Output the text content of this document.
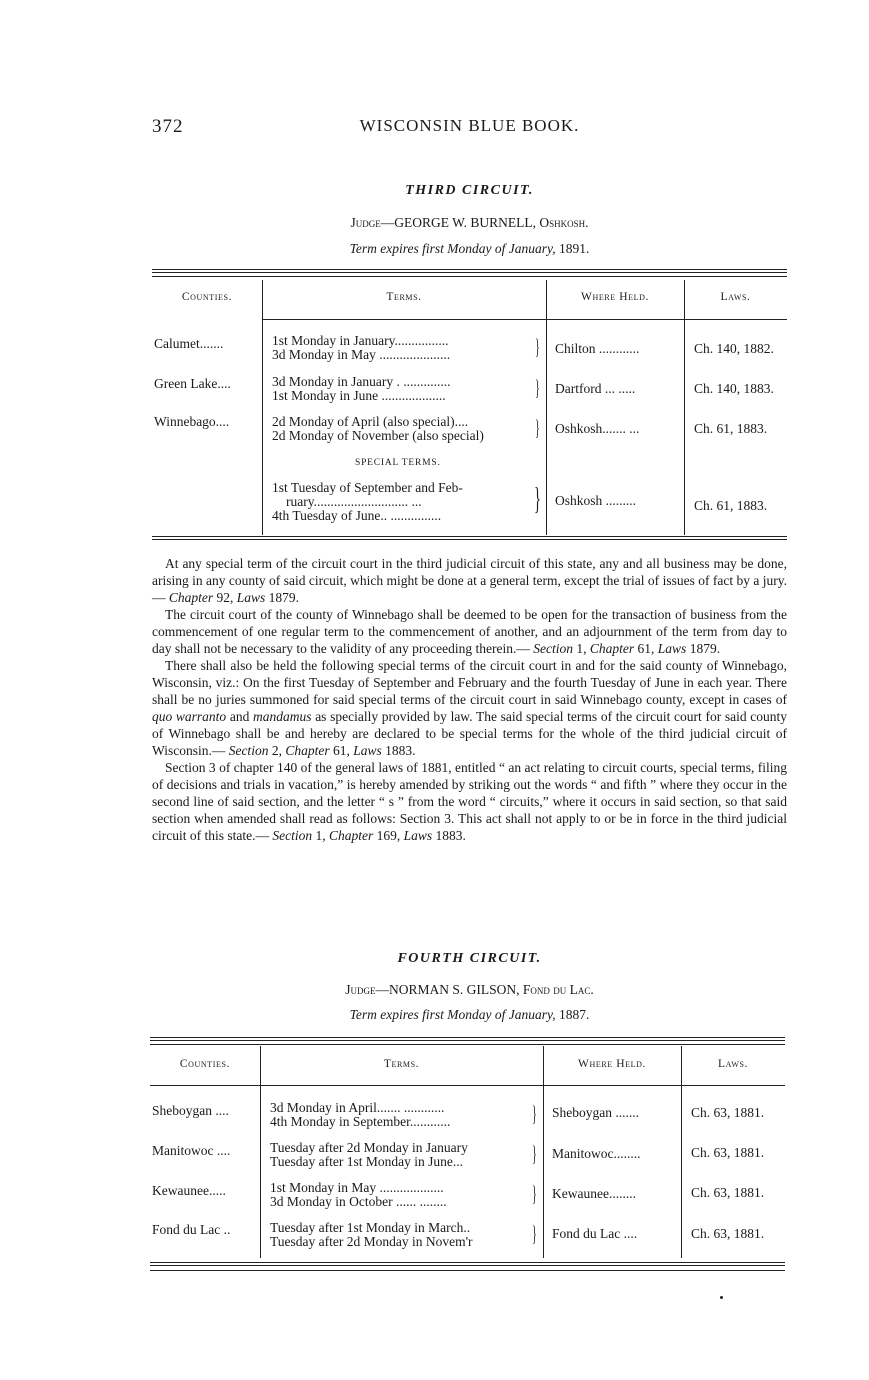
372	WISCONSIN BLUE BOOK.
THIRD CIRCUIT.
Judge—GEORGE W. BURNELL, Oshkosh.
Term expires first Monday of January, 1891.
Counties.	Terms.	Where Held.	Laws.
Calumet.......	1st Monday in January................
3d Monday in May .....................	} Chilton ............	Ch. 140, 1882.
Green Lake....	3d Monday in January . ..............
1st Monday in June ...................	} Dartford ... .....	Ch. 140, 1883.
Winnebago....	2d Monday of April (also special)....
2d Monday of November (also special) } Oshkosh....... ...	Ch. 61, 1883.
SPECIAL TERMS.
1st Tuesday of September and Feb-
ruary............................ ...
4th Tuesday of June.. ...............	} Oshkosh .........	Ch. 61, 1883.

At any special term of the circuit court in the third judicial circuit of this state, any and all business may be done, arising in any county of said circuit, which might be done at a general term, except the trial of issues of fact by a jury.— Chapter 92, Laws 1879.

The circuit court of the county of Winnebago shall be deemed to be open for the transaction of business from the commencement of one regular term to the commencement of another, and an adjournment of the term from day to day shall not be necessary to the validity of any proceeding therein.— Section 1, Chapter 61, Laws 1879.

There shall also be held the following special terms of the circuit court in and for the said county of Winnebago, Wisconsin, viz.: On the first Tuesday of September and February and the fourth Tuesday of June in each year. There shall be no juries summoned for said special terms of the circuit court in said Winnebago county, except in cases of quo warranto and mandamus as specially provided by law. The said special terms of the circuit court for said county of Winnebago shall be and hereby are declared to be special terms for the whole of the third judicial circuit of Wisconsin.— Section 2, Chapter 61, Laws 1883.

Section 3 of chapter 140 of the general laws of 1881, entitled “ an act relating to circuit courts, special terms, filing of decisions and trials in vacation,” is hereby amended by striking out the words “ and fifth ” where they occur in the second line of said section, and the letter “ s ” from the word “ circuits,” where it occurs in said section, so that said section when amended shall read as follows: Section 3. This act shall not apply to or be in force in the third judicial circuit of this state.— Section 1, Chapter 169, Laws 1883.

FOURTH CIRCUIT.
Judge—NORMAN S. GILSON, Fond du Lac.
Term expires first Monday of January, 1887.
Counties.	Terms.	Where Held.	Laws.
Sheboygan ....	3d Monday in April....... ............
4th Monday in September............	} Sheboygan .......	Ch. 63, 1881.
Manitowoc ....	Tuesday after 2d Monday in January
Tuesday after 1st Monday in June...	} Manitowoc........	Ch. 63, 1881.
Kewaunee.....	1st Monday in May ...................
3d Monday in October ...... ........	} Kewaunee........	Ch. 63, 1881.
Fond du Lac ..	Tuesday after 1st Monday in March..
Tuesday after 2d Monday in Novem'r	} Fond du Lac ....	Ch. 63, 1881.
